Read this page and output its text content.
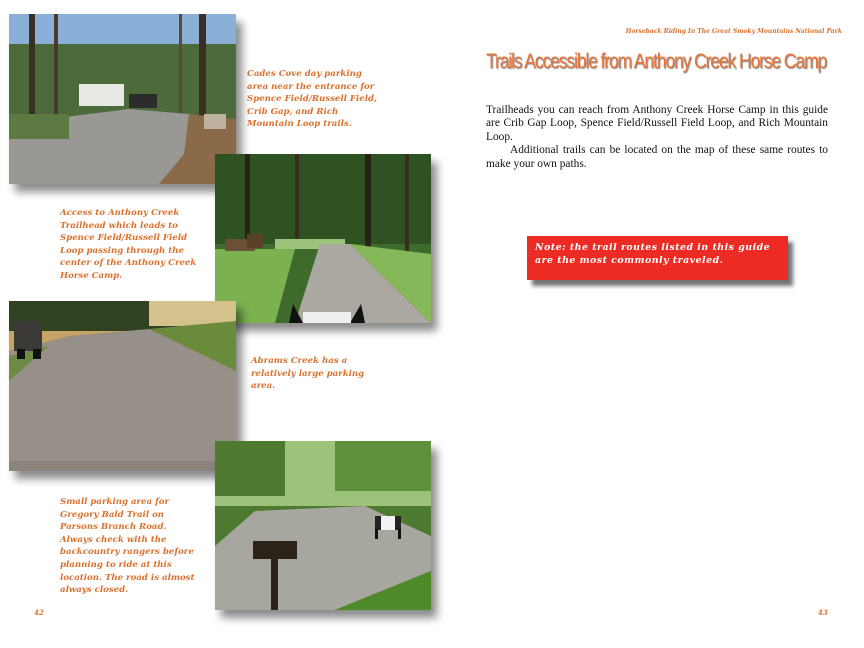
Cades Cove day parking area near the entrance for Spence Field/Russell Field, Crib Gap, and Rich Mountain Loop trails.

Access to Anthony Creek Trailhead which leads to Spence Field/Russell Field Loop passing through the center of the Anthony Creek Horse Camp.

Abrams Creek has a relatively large parking area.

Small parking area for Gregory Bald Trail on Parsons Branch Road. Always check with the backcountry rangers before planning to ride at this location. The road is almost always closed.

42

Horseback Riding In The Great Smoky Mountains National Park

Trails Accessible from Anthony Creek Horse Camp

Trailheads you can reach from Anthony Creek Horse Camp in this guide are Crib Gap Loop, Spence Field/Russell Field Loop, and Rich Mountain Loop.

Additional trails can be located on the map of these same routes to make your own paths.

Note: the trail routes listed in this guide are the most commonly traveled.

43
